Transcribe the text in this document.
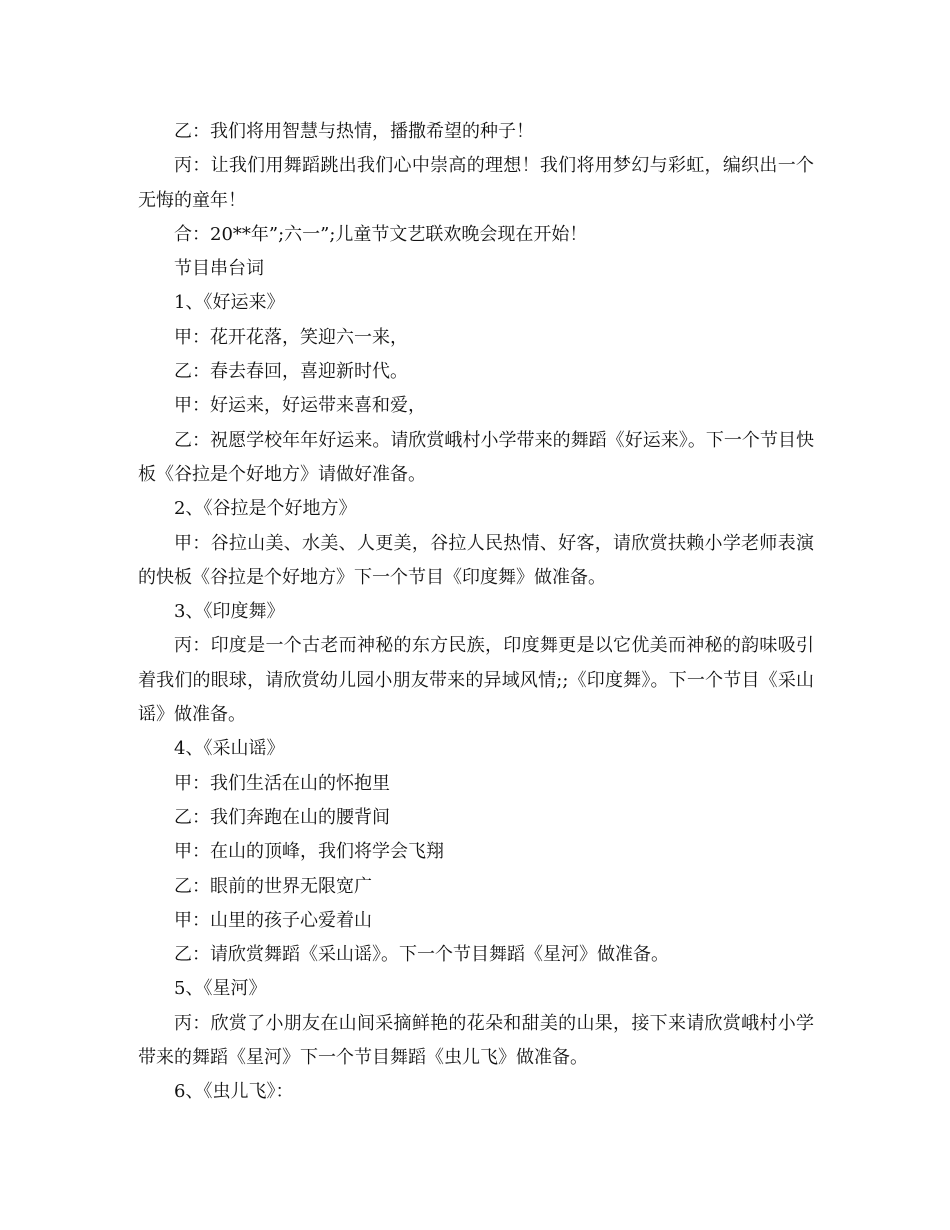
乙：我们将用智慧与热情，播撒希望的种子！

丙：让我们用舞蹈跳出我们心中崇高的理想！我们将用梦幻与彩虹，编织出一个无悔的童年！

合：20**年”;六一”;儿童节文艺联欢晚会现在开始！

节目串台词

1、《好运来》

甲：花开花落，笑迎六一来，

乙：春去春回，喜迎新时代。

甲：好运来，好运带来喜和爱，

乙：祝愿学校年年好运来。请欣赏峨村小学带来的舞蹈《好运来》。下一个节目快板《谷拉是个好地方》请做好准备。

2、《谷拉是个好地方》

甲：谷拉山美、水美、人更美，谷拉人民热情、好客，请欣赏扶赖小学老师表演的快板《谷拉是个好地方》下一个节目《印度舞》做准备。

3、《印度舞》

丙：印度是一个古老而神秘的东方民族，印度舞更是以它优美而神秘的韵味吸引着我们的眼球，请欣赏幼儿园小朋友带来的异域风情;;《印度舞》。下一个节目《采山谣》做准备。

4、《采山谣》

甲：我们生活在山的怀抱里

乙：我们奔跑在山的腰背间

甲：在山的顶峰，我们将学会飞翔

乙：眼前的世界无限宽广

甲：山里的孩子心爱着山

乙：请欣赏舞蹈《采山谣》。下一个节目舞蹈《星河》做准备。

5、《星河》

丙：欣赏了小朋友在山间采摘鲜艳的花朵和甜美的山果，接下来请欣赏峨村小学带来的舞蹈《星河》下一个节目舞蹈《虫儿飞》做准备。

6、《虫儿飞》：
